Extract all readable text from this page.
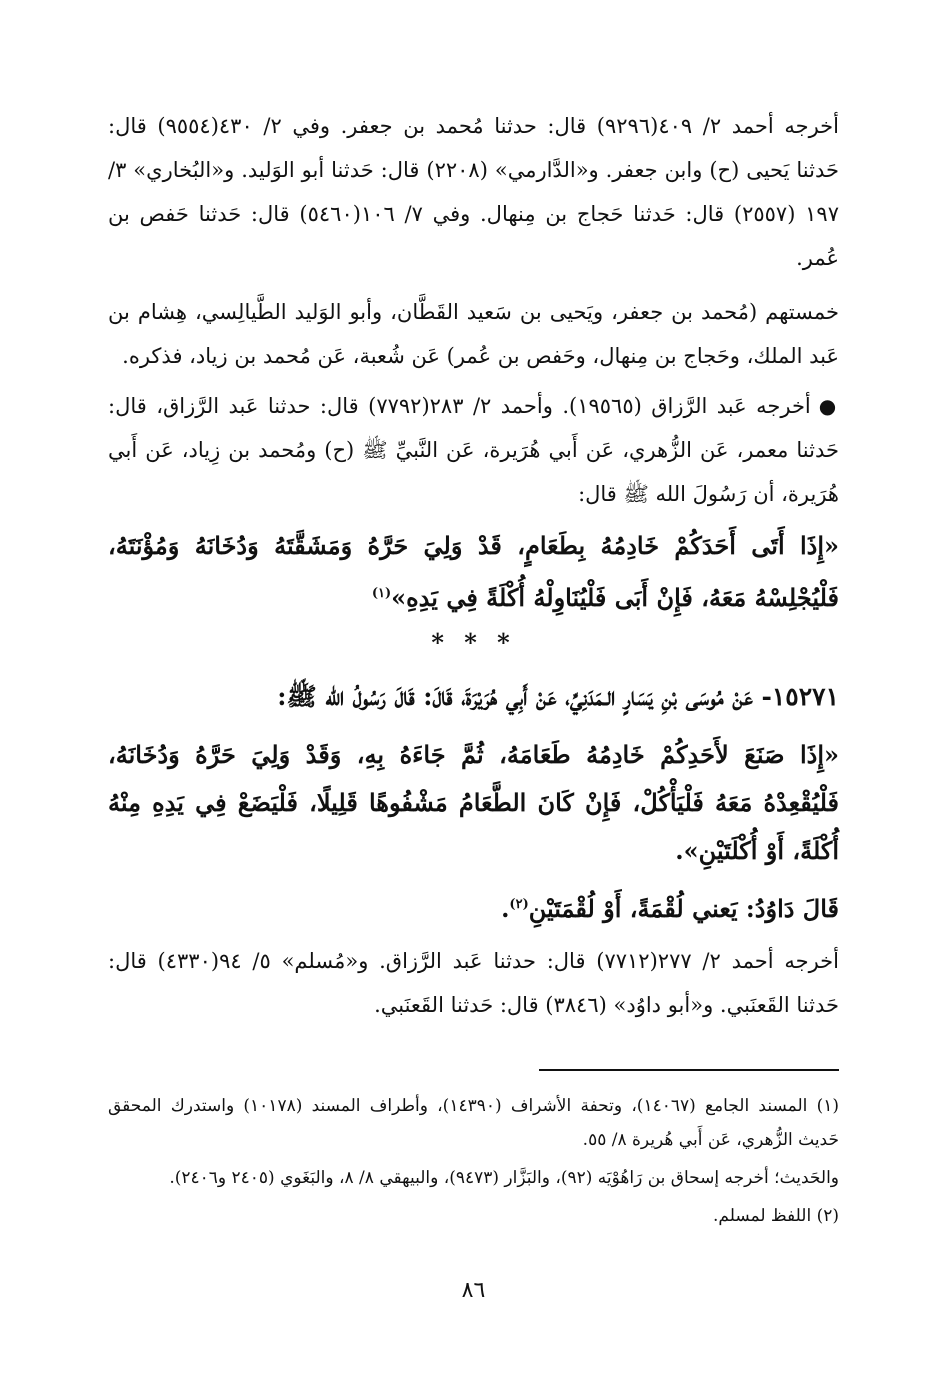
أخرجه أحمد ٢/ ٤٠٩(٩٢٩٦) قال: حدثنا مُحمد بن جعفر. وفي ٢/ ٤٣٠(٩٥٥٤) قال: حَدثنا يَحيى (ح) وابن جعفر. و«الدَّارمي» (٢٢٠٨) قال: حَدثنا أبو الوَليد. و«البُخاري» ٣/ ١٩٧ (٢٥٥٧) قال: حَدثنا حَجاج بن مِنهال. وفي ٧/ ١٠٦(٥٤٦٠) قال: حَدثنا حَفص بن عُمر.

خمستهم (مُحمد بن جعفر، ويَحيى بن سَعيد القَطَّان، وأبو الوَليد الطَّيالِسي، هِشام بن عَبد الملك، وحَجاج بن مِنهال، وحَفص بن عُمر) عَن شُعبة، عَن مُحمد بن زياد، فذكره.

●أخرجه عَبد الرَّزاق (١٩٥٦٥). وأحمد ٢/ ٢٨٣(٧٧٩٢) قال: حدثنا عَبد الرَّزاق، قال: حَدثنا معمر، عَن الزُّهري، عَن أَبي هُرَيرة، عَن النَّبيِّ ﷺ (ح) ومُحمد بن زِياد، عَن أَبي هُرَيرة، أن رَسُولَ الله ﷺ قال:

«إِذَا أَتَى أَحَدَكُمْ خَادِمُهُ بِطَعَامٍ، قَدْ وَلِيَ حَرَّهُ وَمَشَقَّتَهُ وَدُخَانَهُ وَمُؤْنَتَهُ، فَلْيُجْلِسْهُ مَعَهُ، فَإِنْ أَبَى فَلْيُنَاوِلْهُ أُكْلَةً فِي يَدِهِ»$^{(١)}$

* * *

١٥٢٧١- عَنْ مُوسَى بْنِ يَسَارٍ الـمَدَنِيِّ، عَنْ أَبِي هُرَيْرَةَ، قَالَ: قَالَ رَسُولُ الله ﷺ:

«إِذَا صَنَعَ لأَحَدِكُمْ خَادِمُهُ طَعَامَهُ، ثُمَّ جَاءَهُ بِهِ، وَقَدْ وَلِيَ حَرَّهُ وَدُخَانَهُ، فَلْيُقْعِدْهُ مَعَهُ فَلْيَأْكُلْ، فَإِنْ كَانَ الطَّعَامُ مَشْفُوهًا قَلِيلًا، فَلْيَضَعْ فِي يَدِهِ مِنْهُ أُكْلَةً، أَوْ أُكْلَتَيْنِ».

قَالَ دَاوُدُ: يَعني لُقْمَةً، أَوْ لُقْمَتَيْنِ$^{(٢)}$.

أخرجه أحمد ٢/ ٢٧٧(٧٧١٢) قال: حدثنا عَبد الرَّزاق. و«مُسلم» ٥/ ٩٤(٤٣٣٠) قال: حَدثنا القَعنَبي. و«أبو داوُد» (٣٨٤٦) قال: حَدثنا القَعنَبي.

(١) المسند الجامع (١٤٠٦٧)، وتحفة الأشراف (١٤٣٩٠)، وأطراف المسند (١٠١٧٨) واستدرك المحقق حَديث الزُّهري، عَن أَبي هُريرة ٨/ ٥٥.

والحَديث؛ أخرجه إسحاق بن رَاهُوْيَه (٩٢)، والبَزَّار (٩٤٧٣)، والبيهقي ٨/ ٨، والبَغَوي (٢٤٠٥ و٢٤٠٦).

(٢) اللفظ لمسلم.

٨٦
